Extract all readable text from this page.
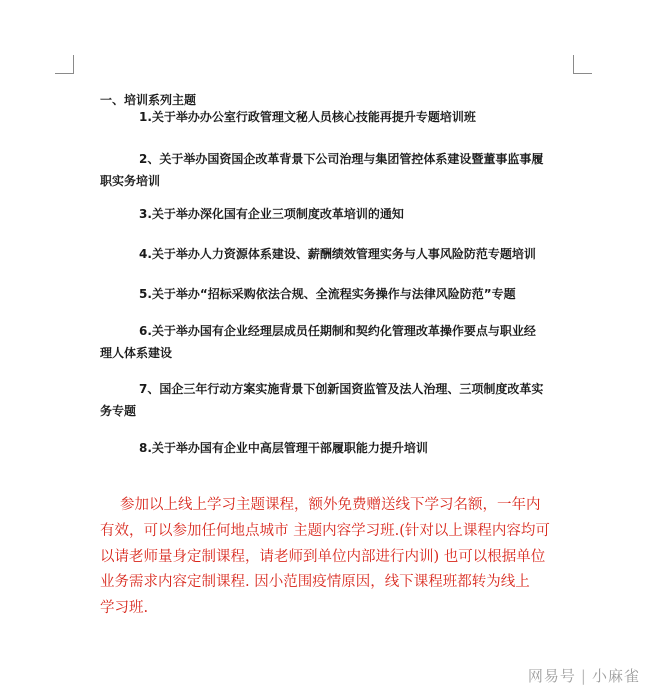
一、培训系列主题
1.关于举办办公室行政管理文秘人员核心技能再提升专题培训班
2、关于举办国资国企改革背景下公司治理与集团管控体系建设暨董事监事履
职实务培训
3.关于举办深化国有企业三项制度改革培训的通知
4.关于举办人力资源体系建设、薪酬绩效管理实务与人事风险防范专题培训
5.关于举办“招标采购依法合规、全流程实务操作与法律风险防范”专题
6.关于举办国有企业经理层成员任期制和契约化管理改革操作要点与职业经
理人体系建设
7、国企三年行动方案实施背景下创新国资监管及法人治理、三项制度改革实
务专题
8.关于举办国有企业中高层管理干部履职能力提升培训
参加以上线上学习主题课程，额外免费赠送线下学习名额，一年内
有效，可以参加任何地点城市 主题内容学习班.(针对以上课程内容均可
以请老师量身定制课程，请老师到单位内部进行内训) 也可以根据单位
业务需求内容定制课程. 因小范围疫情原因，线下课程班都转为线上
学习班.
网易号 | 小麻雀
